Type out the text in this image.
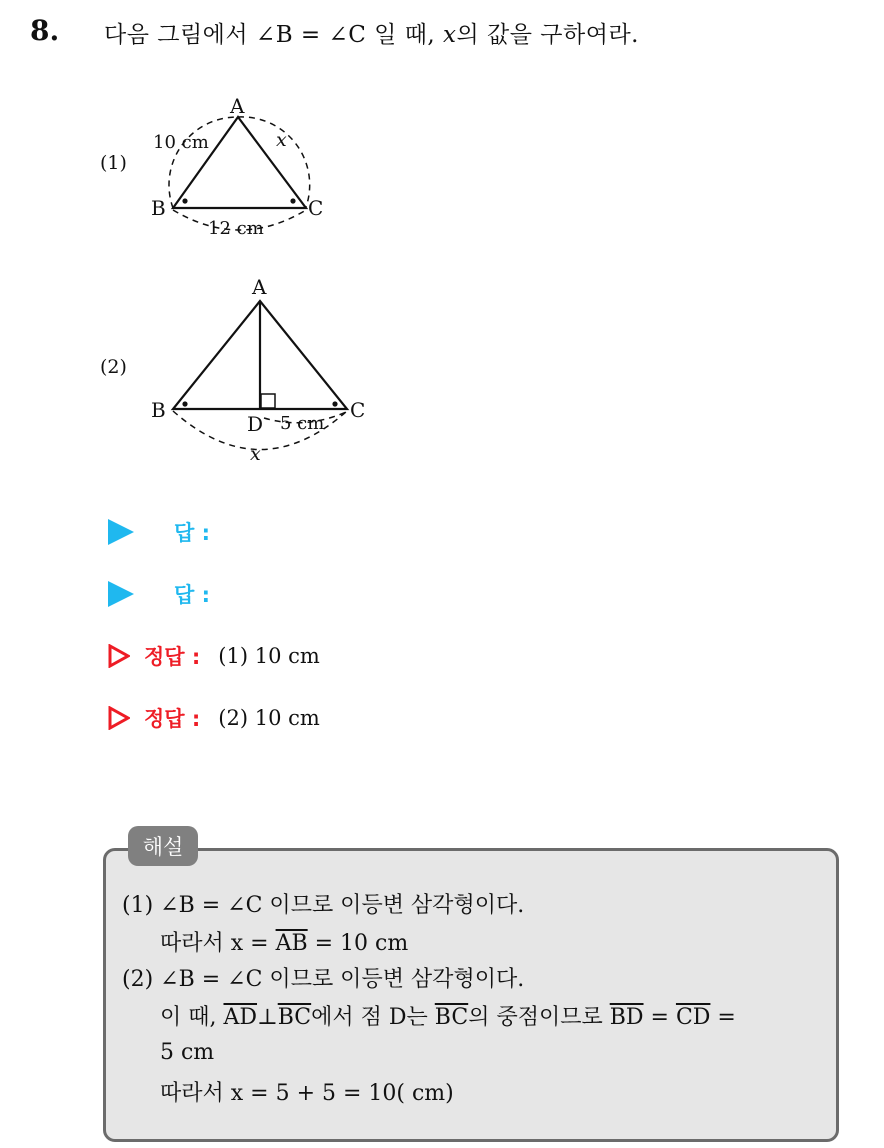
8. 다음 그림에서 ∠B = ∠C 일 때, x의 값을 구하여라.
(1)
A
B	C
10 cm	x
12 cm
(2)
A
B	C
D 5 cm
x
답 :
답 :
정답 : (1) 10 cm
정답 : (2) 10 cm
해설
(1) ∠B = ∠C 이므로 이등변 삼각형이다.
따라서 $x = \overline{AB} = 10$ cm
(2) ∠B = ∠C 이므로 이등변 삼각형이다.
이 때, $\overline{AD}\perp\overline{BC}$에서 점 D는 $\overline{BC}$의 중점이므로 $\overline{BD} = \overline{CD}$ =
5 cm
따라서 x = 5 + 5 = 10( cm)
